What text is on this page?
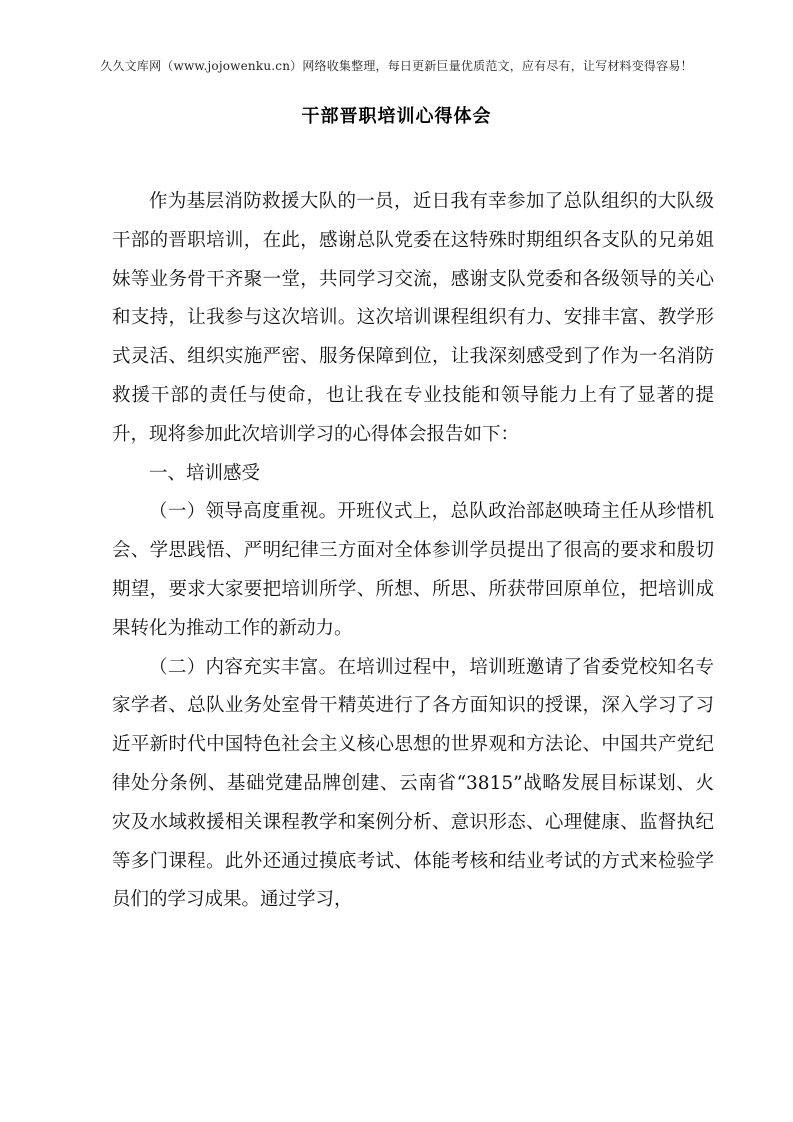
久久文库网（www.jojowenku.cn）网络收集整理，每日更新巨量优质范文，应有尽有，让写材料变得容易！
干部晋职培训心得体会

作为基层消防救援大队的一员，近日我有幸参加了总队组织的大队级干部的晋职培训，在此，感谢总队党委在这特殊时期组织各支队的兄弟姐妹等业务骨干齐聚一堂，共同学习交流，感谢支队党委和各级领导的关心和支持，让我参与这次培训。这次培训课程组织有力、安排丰富、教学形式灵活、组织实施严密、服务保障到位，让我深刻感受到了作为一名消防救援干部的责任与使命，也让我在专业技能和领导能力上有了显著的提升，现将参加此次培训学习的心得体会报告如下：

一、培训感受

（一）领导高度重视。开班仪式上，总队政治部赵映琦主任从珍惜机会、学思践悟、严明纪律三方面对全体参训学员提出了很高的要求和殷切期望，要求大家要把培训所学、所想、所思、所获带回原单位，把培训成果转化为推动工作的新动力。

（二）内容充实丰富。在培训过程中，培训班邀请了省委党校知名专家学者、总队业务处室骨干精英进行了各方面知识的授课，深入学习了习近平新时代中国特色社会主义核心思想的世界观和方法论、中国共产党纪律处分条例、基础党建品牌创建、云南省“3815”战略发展目标谋划、火灾及水域救援相关课程教学和案例分析、意识形态、心理健康、监督执纪等多门课程。此外还通过摸底考试、体能考核和结业考试的方式来检验学员们的学习成果。通过学习，
